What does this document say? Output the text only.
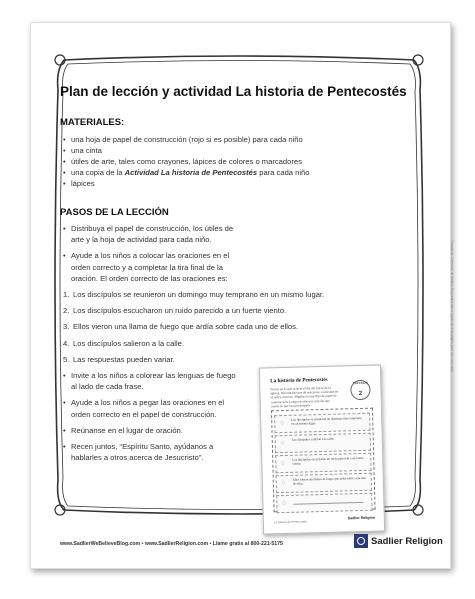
Plan de lección y actividad La historia de Pentecostés
MATERIALES:
• una hoja de papel de construcción (rojo si es posible) para cada niño
• una cinta
• útiles de arte, tales como crayones, lápices de colores o marcadores
• una copia de la Actividad La historia de Pentecostés para cada niño
• lápices
PASOS DE LA LECCIÓN
• Distribuya el papel de construcción, los útiles de arte y la hoja de actividad para cada niño.
• Ayude a los niños a colocar las oraciones en el orden correcto y a completar la tira final de la oración. El orden correcto de las oraciones es:
1. Los discípulos se reunieron un domingo muy temprano en un mismo lugar.
2. Los discípulos escucharon un ruido parecido a un fuerte viento.
3. Ellos vieron una llama de fuego que ardía sobre cada uno de ellos.
4. Los discípulos salieron a la calle.
5. Las respuestas pueden variar.
• Invite a los niños a colorear las lenguas de fuego al lado de cada frase.
• Ayude a los niños a pegar las oraciones en el orden correcto en el papel de construcción.
• Reúnanse en el lugar de oración.
• Recen juntos, “Espíritu Santo, ayúdanos a hablarles a otros acerca de Jesucristo”.
La historia de Pentecostés
Piensa en lo que ocurrió el día del inicio de la Iglesia. Recorta las tiras de oraciones. Colócalas en el orden correcto. Pégalas en una hoja de papel de construcción. Luego escribe una oración que cuente lo que ocurrió después.
CREEMOS
2
♢
Los discípulos se reunieron un domingo muy temprano en un mismo lugar.
♢
Los discípulos salieron a la calle.
♢
Los discípulos escucharon un ruido parecido a un fuerte viento.
♢
Ellos vieron una llama de fuego que ardía sobre cada uno de ellos.
♢
La historia de Pentecostés
Sadlier Religion
Tomado de 'Creemos' de Sadlier. Se pueden hacer copias de esta página para uso en el aula.
www.SadlierWeBelieveBlog.com • www.SadlierReligion.com • Llame gratis al 800-221-5175	Sadlier Religion
